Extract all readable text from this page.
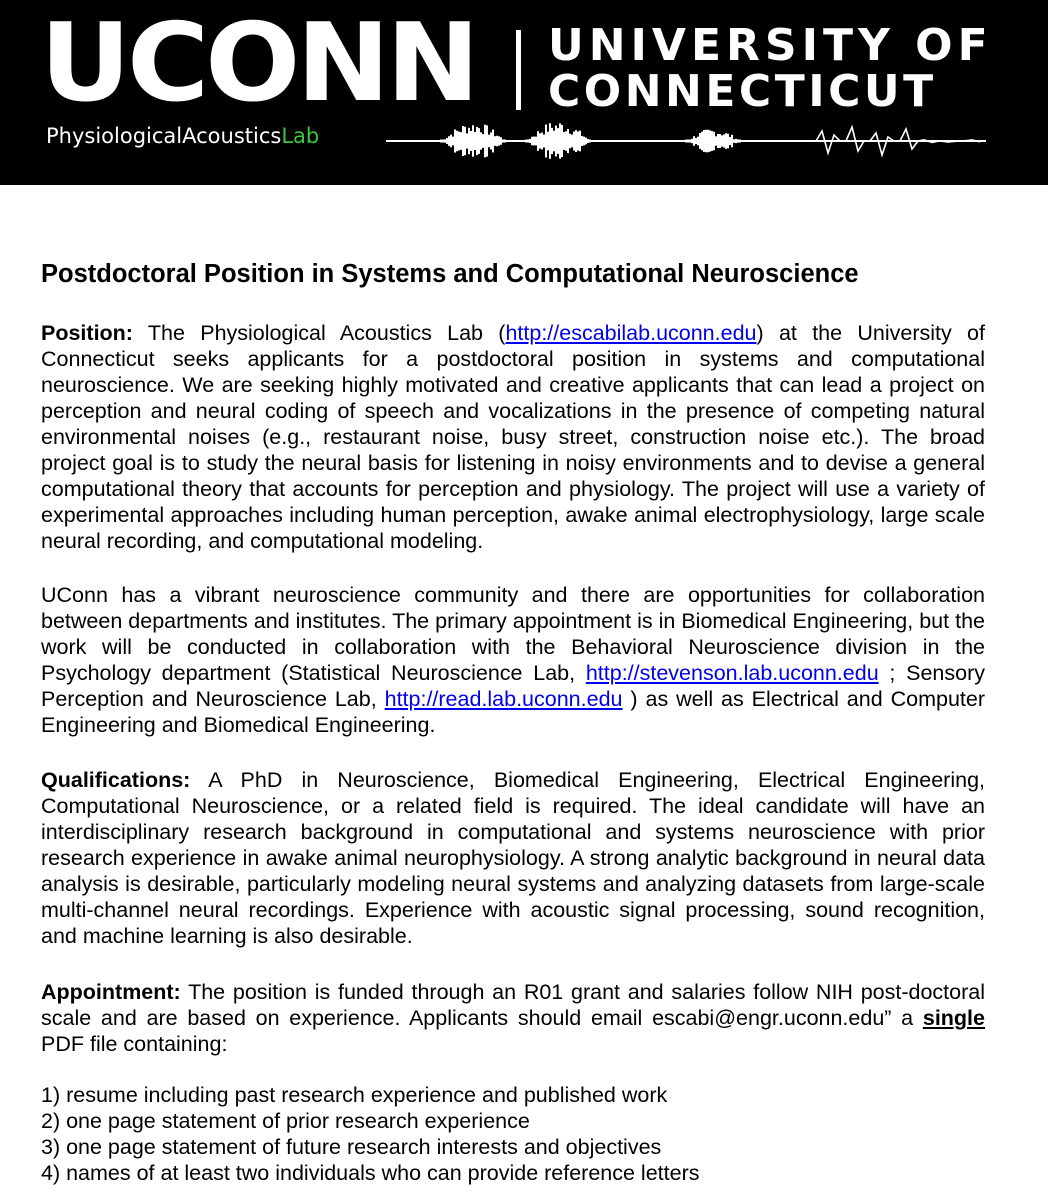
UCONN UNIVERSITY OF
CONNECTICUT
PhysiologicalAcousticsLab
Postdoctoral Position in Systems and Computational Neuroscience

Position: The Physiological Acoustics Lab (http://escabilab.uconn.edu) at the University of Connecticut seeks applicants for a postdoctoral position in systems and computational neuroscience. We are seeking highly motivated and creative applicants that can lead a project on perception and neural coding of speech and vocalizations in the presence of competing natural environmental noises (e.g., restaurant noise, busy street, construction noise etc.). The broad project goal is to study the neural basis for listening in noisy environments and to devise a general computational theory that accounts for perception and physiology. The project will use a variety of experimental approaches including human perception, awake animal electrophysiology, large scale neural recording, and computational modeling.

UConn has a vibrant neuroscience community and there are opportunities for collaboration between departments and institutes. The primary appointment is in Biomedical Engineering, but the work will be conducted in collaboration with the Behavioral Neuroscience division in the Psychology department (Statistical Neuroscience Lab, http://stevenson.lab.uconn.edu ; Sensory Perception and Neuroscience Lab, http://read.lab.uconn.edu ) as well as Electrical and Computer Engineering and Biomedical Engineering.

Qualifications: A PhD in Neuroscience, Biomedical Engineering, Electrical Engineering, Computational Neuroscience, or a related field is required. The ideal candidate will have an interdisciplinary research background in computational and systems neuroscience with prior research experience in awake animal neurophysiology. A strong analytic background in neural data analysis is desirable, particularly modeling neural systems and analyzing datasets from large-scale multi-channel neural recordings. Experience with acoustic signal processing, sound recognition, and machine learning is also desirable.

Appointment: The position is funded through an R01 grant and salaries follow NIH post-doctoral scale and are based on experience. Applicants should email escabi@engr.uconn.edu” a single PDF file containing:

1) resume including past research experience and published work
2) one page statement of prior research experience
3) one page statement of future research interests and objectives
4) names of at least two individuals who can provide reference letters
